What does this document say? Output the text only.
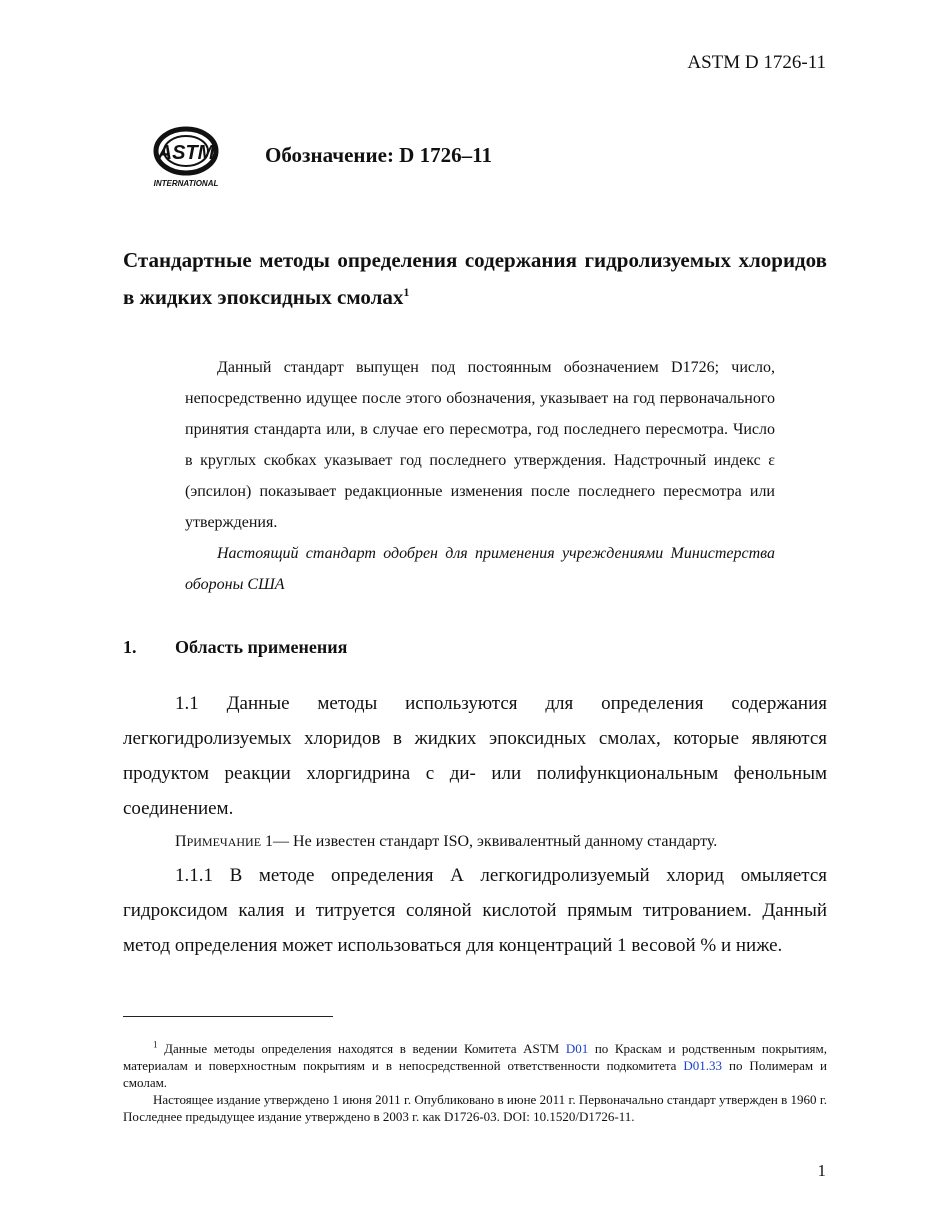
ASTM D 1726-11
ASTM
INTERNATIONAL
Обозначение: D 1726–11
Стандартные методы определения содержания гидролизуемых хлоридов в жидких эпоксидных смолах$^1$

Данный стандарт выпущен под постоянным обозначением D1726; число, непосредственно идущее после этого обозначения, указывает на год первоначального принятия стандарта или, в случае его пересмотра, год последнего пересмотра. Число в круглых скобках указывает год последнего утверждения. Надстрочный индекс ε (эпсилон) показывает редакционные изменения после последнего пересмотра или утверждения.

Настоящий стандарт одобрен для применения учреждениями Министерства обороны США

1. Область применения

1.1 Данные методы используются для определения содержания легкогидролизуемых хлоридов в жидких эпоксидных смолах, которые являются продуктом реакции хлоргидрина с ди- или полифункциональным фенольным соединением.

ПРИМЕЧАНИЕ 1— Не известен стандарт ISO, эквивалентный данному стандарту.

1.1.1 В методе определения А легкогидролизуемый хлорид омыляется гидроксидом калия и титруется соляной кислотой прямым титрованием. Данный метод определения может использоваться для концентраций 1 весовой % и ниже.

$^1$ Данные методы определения находятся в ведении Комитета ASTM D01 по Краскам и родственным покрытиям, материалам и поверхностным покрытиям и в непосредственной ответственности подкомитета D01.33 по Полимерам и смолам.

Настоящее издание утверждено 1 июня 2011 г. Опубликовано в июне 2011 г. Первоначально стандарт утвержден в 1960 г. Последнее предыдущее издание утверждено в 2003 г. как D1726-03. DOI: 10.1520/D1726-11.

1
